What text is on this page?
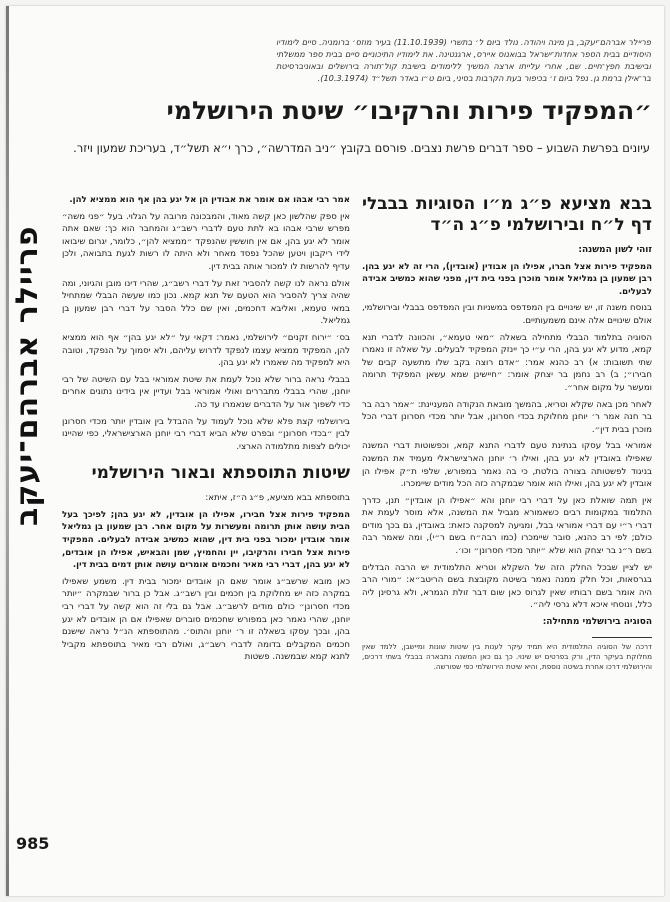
פריילר אברהם־יעקב
985

פריילר אברהם־יעקב, בן מינה ויהודה. נולד ביום ל׳ בתשרי (11.10.1939) בעיר מוזס׳ ברומניה. סיים לימודיו היסודיים בבית הספר אחדות־ישראל בבואנוס איירס, ארגנטינה. את לימודיו התיכוניים סיים בבית ספר ממשלתי ובישיבת חפץ־חיים. שם, אחרי עלייתו ארצה המשיך ללימודים בישיבת קול־תורה בירושלים ובאוניברסיטת בר־אילן ברמת גן. נפל ביום ז׳ בכיפור בעת הקרבות בסיני, ביום ט״ו באדר תשל״ד (10.3.1974).

״המפקיד פירות והרקיבו״ שיטת הירושלמי

עיונים בפרשת השבוע – ספר דברים פרשת נצבים. פורסם בקובץ ״ניב המדרשה״, כרך י״א תשל״ד, בעריכת שמעון ויזר.

בבא מציעא פ״ג מ״ו הסוגיות בבבלי דף ל״ח ובירושלמי פ״ג ה״ד

זוהי לשון המשנה:

המפקיד פירות אצל חברו, אפילו הן אבודין (אובדין), הרי זה לא יגע בהן. רבן שמעון בן גמליאל אומר מוכרן בפני בית דין, מפני שהוא כמשיב אבידה לבעלים.

בנוסח משנה זו, יש שינויים בין המפדפס במשניות ובין המפדפס בבבלי ובירושלמי, אולם שינויים אלה אינם משמעותיים.

הסוגיה בתלמוד הבבלי מתחילה בשאלה ״מאי טעמא״, והכוונה לדברי תנא קמא, מדוע לא יגע בהן, הרי ע״י כך יינזק המפקיד לבעלים. על שאלה זו נאמרו שתי תשובות: א) רב כהנא אמר: ״אדם רוצה בקב שלו מתשעה קבים של חבירו״; ב) רב נחמן בר יצחק אומר: ״חיישינן שמא עשאן המפקיד תרומה ומעשר על מקום אחר״.

לאחר מכן באה שקלא וטריא, בהמשך מובאת הנקודה המעניינת: ״אמר רבה בר בר חנה אמר ר׳ יוחנן מחלוקת בכדי חסרונן, אבל יותר מכדי חסרונן דברי הכל מוכרן בבית דין״.

אמוראי בבל עסקו בנתינת טעם לדברי התנא קמא, וכפשוטות דברי המשנה שאפילו באובדין לא יגע בהן, ואילו ר׳ יוחנן הארצישראלי מעמיד את המשנה בניגוד לפשטותה בצורה בולטת, כי בה נאמר במפורש, שלפי ת״ק אפילו הן אובדין לא יגע בהן, ואילו הוא אומר שבמקרה כזה הכל מודים שיימכרו.

אין תמה שואלת כאן על דברי רבי יוחנן והא ״אפילו הן אובדין״ תנן, כדרך התלמוד במקומות רבים כשאמורא מגביל את המשנה, אלא מוסר לעמת את דברי ר״י עם דברי אמוראי בבל, ומגיעה למסקנה כזאת: באובדין, גם בכך מודים כולם; לפי רב כהנא, סובר שיימכרו (כמו רבה״ח בשם ר״י), ומה שאמר רבה בשם ר״נ בר יצחק הוא שלא ״יותר מכדי חסרונן״ וכו׳.

יש לציין שבכל החלק הזה של השקלא וטריא התלמודית יש הרבה הבדלים בגרסאות, וכל חלק ממנה נאמר בשיטה מקובצת בשם הריטב״א: ״מורי הרב היה אומר בשם רבותיו שאין לגרוס כאן שום דבר זולת הגמרא, ולא גרסינן ליה כלל, ונוסחי איכא דלא גרסי ליה״.

הסוגיה בירושלמי מתחילה:

דרכה של הסוגיה התלמודית היא תמיד עיקר לענות בין שיטות שונות ומיישבן, ללמד שאין מחלוקת בעיקר הדין, ורק בפרטים יש שינוי. כך גם כאן המשנה נתבארה בבבלי בשתי דרכים, והירושלמי דרכו אחרת בשיטה נוספת, והיא שיטת הירושלמי כפי שפורשה.

אמר רבי אבהו אם אומר את אבודין הן אל יגע בהן אף הוא ממציא להן.

אין ספק שהלשון כאן קשה מאוד, והמבכונה מרובה על הגלוי. בעל ״פני משה״ מפרש שרבי אבהו בא לתת טעם לדברי רשב״ג והמחבר הוא כך: שאם אתה אומר לא יגע בהן, אם אין חוששין שהנפקד ״ממציא להן״, כלומר, יגרום שיבואו לידי ריקבון ויטען שהכל נפסד מאחר ולא היתה לו רשות לגעת בתבואה, ולכן עדיף להרשות לו למכור אותה בבית דין.

אולם נראה לנו קשה להסביר זאת על דברי רשב״ג, שהרי דינו מובן והגיוני, ומה שהיה צריך להסביר הוא הטעם של תנא קמא. נכון כמו שעשה הבבלי שמתחיל במאי טעמא, ואליבא דחכמים, ואין שם כלל הסבר על דברי רבן שמעון בן גמליאל.

בס׳ ״ירוח זקנים״ לירושלמי, נאמר: דקאי על ״לא יגע בהן״ אף הוא ממציא להן, המפקיד ממציא עצמו לנפקד לדרוש עליהם, ולא יסמוך על הנפקד, וטובה היא למפקיד מה שאמרו לא יגע בהן.

בבבלי נראה ברור שלא נוכל לעמת את שיטת אמוראי בבל עם השיטה של רבי יוחנן, שהרי בבבלי מתבררים ואולי אמוראי בבל ועדיין אין בידינו נתונים אחרים כדי לשפוך אור על הדברים שנאמרו עד כה.

בירושלמי קצת פלא שלא נוכל לעמוד על ההבדל בין אובדין יותר מכדי חסרונן לבין ״בכדי חסרונן״ ובפרט שלא הביא דברי רבי יוחנן הארצישראלי, כפי שהיינו יכולים לצפות מתלמודה הארצי.

שיטות התוספתא ובאור הירושלמי

בתוספתא בבא מציעא, פ״ג ה״ז, איתא:

המפקיד פירות אצל חבירו, אפילו הן אובדין, לא יגע בהן; לפיכך בעל הבית עושה אותן תרומה ומעשרות על מקום אחר. רבן שמעון בן גמליאל אומר אובדין ימכור בפני בית דין, שהוא כמשיב אבידה לבעלים. המפקיד פירות אצל חבירו והרקיבו, יין והחמיץ, שמן והבאיש, אפילו הן אובדים, לא יגע בהן, דברי רבי מאיר וחכמים אומרים עושה אותן דמים בבית דין.

כאן מובא שרשב״ג אומר שאם הן אובדים ימכור בבית דין. משמע שאפילו במקרה כזה יש מחלוקת בין חכמים ובין רשב״ג. אבל כן ברור שבמקרה ״יותר מכדי חסרונן״ כולם מודים לרשב״ג. אבל גם בלי זה הוא קשה על דברי רבי יוחנן, שהרי נאמר כאן במפורש שחכמים סוברים שאפילו אם הן אובדים לא יגע בהן, ובכך עסקו בשאלה זו ר׳ יוחנן והתוס׳. מהתוספתא הנ״ל נראה שישנם חכמים המקבלים בדומה לדברי רשב״ג, ואולם רבי מאיר בתוספתא מקביל לתנא קמא שבמשנה. פשטות
